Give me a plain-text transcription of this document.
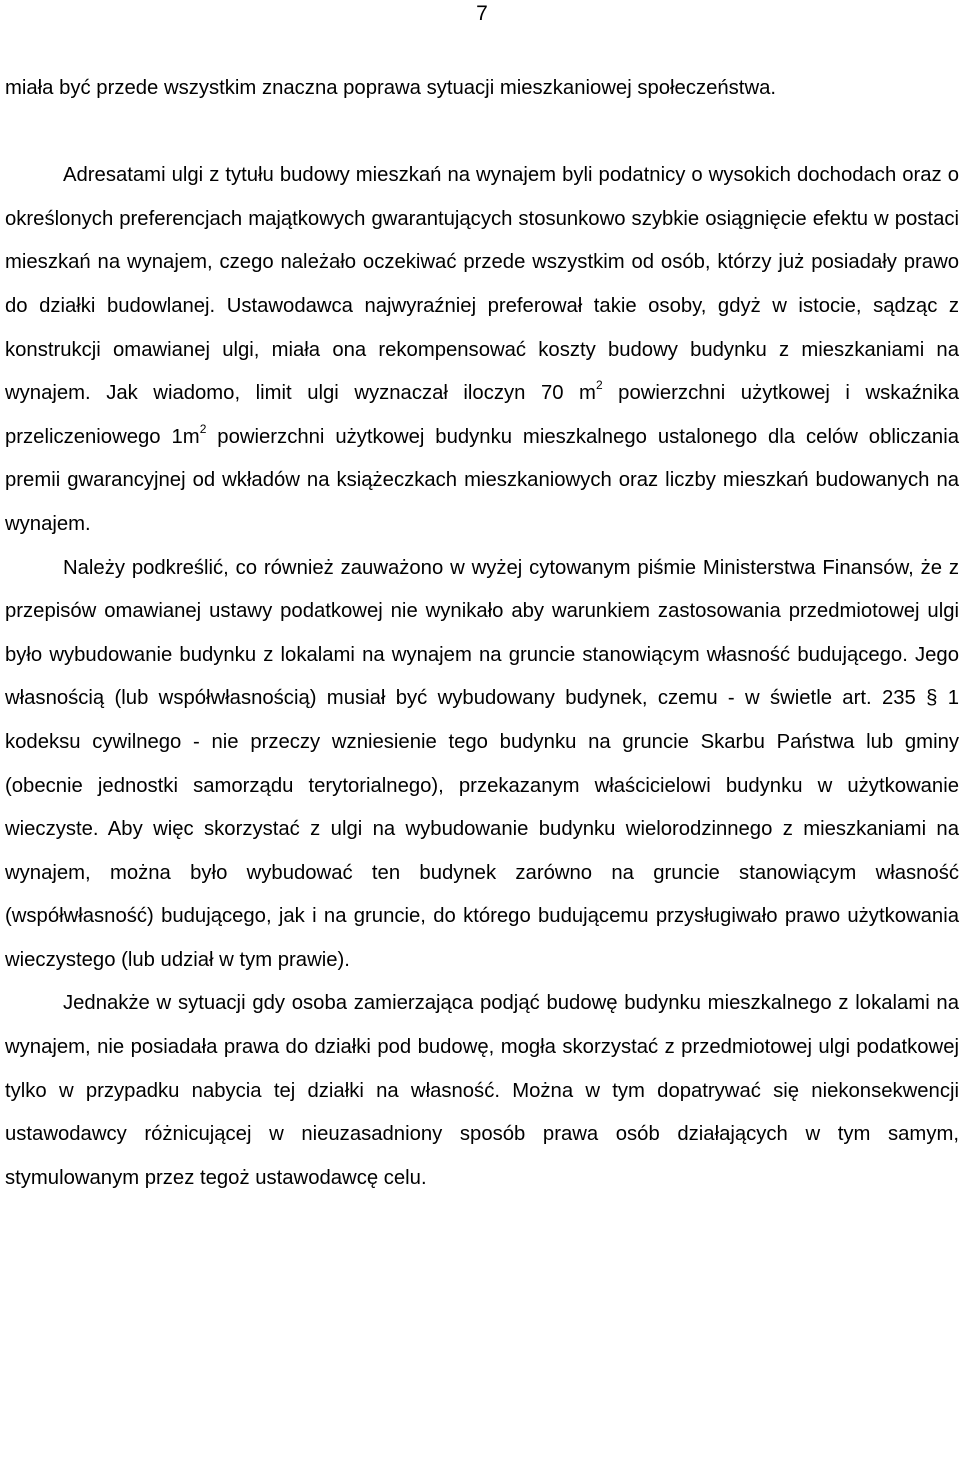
7

miała być przede wszystkim znaczna poprawa sytuacji mieszkaniowej społeczeństwa.

Adresatami ulgi z tytułu budowy mieszkań na wynajem byli podatnicy o wysokich dochodach oraz o określonych preferencjach majątkowych gwarantujących stosunkowo szybkie osiągnięcie efektu w postaci mieszkań na wynajem, czego należało oczekiwać przede wszystkim od osób, którzy już posiadały prawo do działki budowlanej. Ustawodawca najwyraźniej preferował takie osoby, gdyż w istocie, sądząc z konstrukcji omawianej ulgi, miała ona rekompensować koszty budowy budynku z mieszkaniami na wynajem. Jak wiadomo, limit ulgi wyznaczał iloczyn 70 $m^2$ powierzchni użytkowej i wskaźnika przeliczeniowego $1m^2$ powierzchni użytkowej budynku mieszkalnego ustalonego dla celów obliczania premii gwarancyjnej od wkładów na książeczkach mieszkaniowych oraz liczby mieszkań budowanych na wynajem.

Należy podkreślić, co również zauważono w wyżej cytowanym piśmie Ministerstwa Finansów, że z przepisów omawianej ustawy podatkowej nie wynikało aby warunkiem zastosowania przedmiotowej ulgi było wybudowanie budynku z lokalami na wynajem na gruncie stanowiącym własność budującego. Jego własnością (lub współwłasnością) musiał być wybudowany budynek, czemu - w świetle art. 235 ‍§ 1 kodeksu cywilnego - nie przeczy wzniesienie tego budynku na gruncie Skarbu Państwa lub gminy (obecnie jednostki samorządu terytorialnego), przekazanym właścicielowi budynku w użytkowanie wieczyste. Aby więc skorzystać z ulgi na wybudowanie budynku wielorodzinnego z mieszkaniami na wynajem, można było wybudować ten budynek zarówno na gruncie stanowiącym własność (współwłasność) budującego, jak i na gruncie, do którego budującemu przysługiwało prawo użytkowania wieczystego (lub udział w tym prawie).

Jednakże w sytuacji gdy osoba zamierzająca podjąć budowę budynku mieszkalnego z lokalami na wynajem, nie posiadała prawa do działki pod budowę, mogła skorzystać z przedmiotowej ulgi podatkowej tylko w przypadku nabycia tej działki na własność. Można w tym dopatrywać się niekonsekwencji ustawodawcy różnicującej w nieuzasadniony sposób prawa osób działających w tym samym, stymulowanym przez tegoż ustawodawcę celu.
